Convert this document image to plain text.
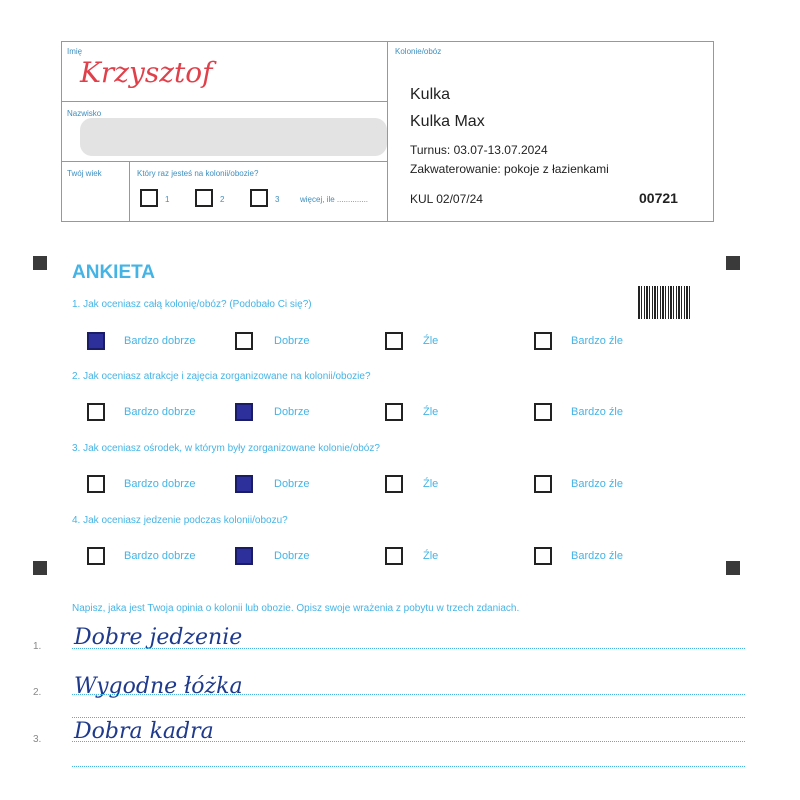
Imię
Krzysztof
Nazwisko
Twój wiek	Który raz jesteś na kolonii/obozie?
1	2	3	więcej, ile ..............
Kolonie/obóz
Kulka
Kulka Max
Turnus: 03.07-13.07.2024
Zakwaterowanie: pokoje z łazienkami
KUL 02/07/24	00721
ANKIETA
1. Jak oceniasz całą kolonię/obóz? (Podobało Ci się?)
Bardzo dobrze	Dobrze	Źle	Bardzo źle
2. Jak oceniasz atrakcje i zajęcia zorganizowane na kolonii/obozie?
Bardzo dobrze	Dobrze	Źle	Bardzo źle
3. Jak oceniasz ośrodek, w którym były zorganizowane kolonie/obóz?
Bardzo dobrze	Dobrze	Źle	Bardzo źle
4. Jak oceniasz jedzenie podczas kolonii/obozu?
Bardzo dobrze	Dobrze	Źle	Bardzo źle
Napisz, jaka jest Twoja opinia o kolonii lub obozie. Opisz swoje wrażenia z pobytu w trzech zdaniach.
1. Dobre jedzenie
2. Wygodne łóżka
3. Dobra kadra
